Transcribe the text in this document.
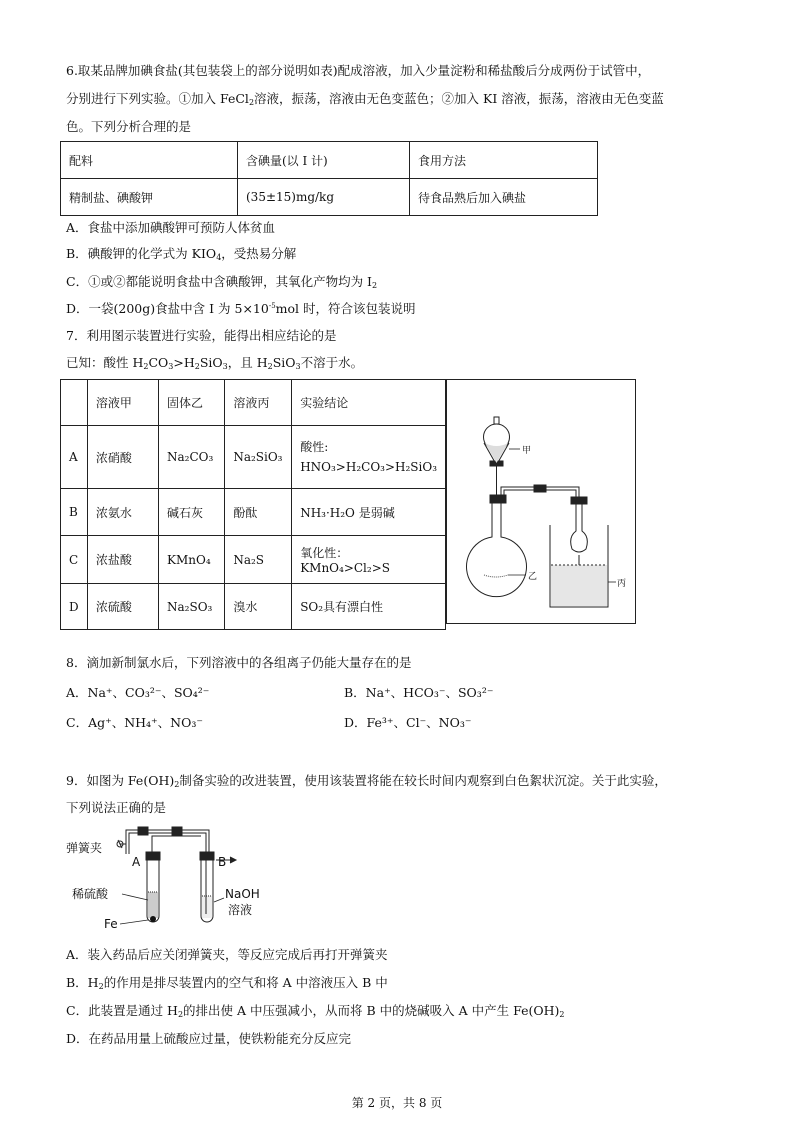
6.取某品牌加碘食盐(其包装袋上的部分说明如表)配成溶液，加入少量淀粉和稀盐酸后分成两份于试管中，
分别进行下列实验。①加入 FeCl$_2$溶液，振荡，溶液由无色变蓝色；②加入 KI 溶液，振荡，溶液由无色变蓝
色。下列分析合理的是
配料	含碘量(以 I 计)	食用方法
精制盐、碘酸钾	(35±15)mg/kg	待食品熟后加入碘盐
A．食盐中添加碘酸钾可预防人体贫血
B．碘酸钾的化学式为 $KIO_4$，受热易分解
C．①或②都能说明食盐中含碘酸钾，其氧化产物均为 $I_2$
D．一袋(200g)食盐中含 I 为 $5\times 10^{-5}mol$ 时，符合该包装说明
7．利用图示装置进行实验，能得出相应结论的是
已知：酸性 $H_2CO_3>H_2SiO_3$，且 $H_2SiO_3$不溶于水。
	溶液甲	固体乙	溶液丙	实验结论
A	浓硝酸	Na₂CO₃	Na₂SiO₃	酸性:
HNO₃>H₂CO₃>H₂SiO₃

B	浓氨水	碱石灰	酚酞	NH₃·H₂O 是弱碱
C	浓盐酸	KMnO₄	Na₂S	氧化性：KMnO₄>Cl₂>S
D	浓硫酸	Na₂SO₃	溴水	SO₂具有漂白性
甲
乙
丙
8．滴加新制氯水后，下列溶液中的各组离子仍能大量存在的是
A．Na⁺、CO₃²⁻、SO₄²⁻	B．Na⁺、HCO₃⁻、SO₃²⁻
C．Ag⁺、NH₄⁺、NO₃⁻	D．Fe³⁺、Cl⁻、NO₃⁻
9．如图为 $Fe(OH)_2$制备实验的改进装置，使用该装置将能在较长时间内观察到白色絮状沉淀。关于此实验，
下列说法正确的是
弹簧夹
A	B
稀硫酸
Fe
NaOH
溶液
A．装入药品后应关闭弹簧夹，等反应完成后再打开弹簧夹
B．$H_2$的作用是排尽装置内的空气和将 A 中溶液压入 B 中
C．此装置是通过 $H_2$的排出使 A 中压强减小，从而将 B 中的烧碱吸入 A 中产生 $Fe(OH)_2$
D．在药品用量上硫酸应过量，使铁粉能充分反应完
第 2 页，共 8 页
